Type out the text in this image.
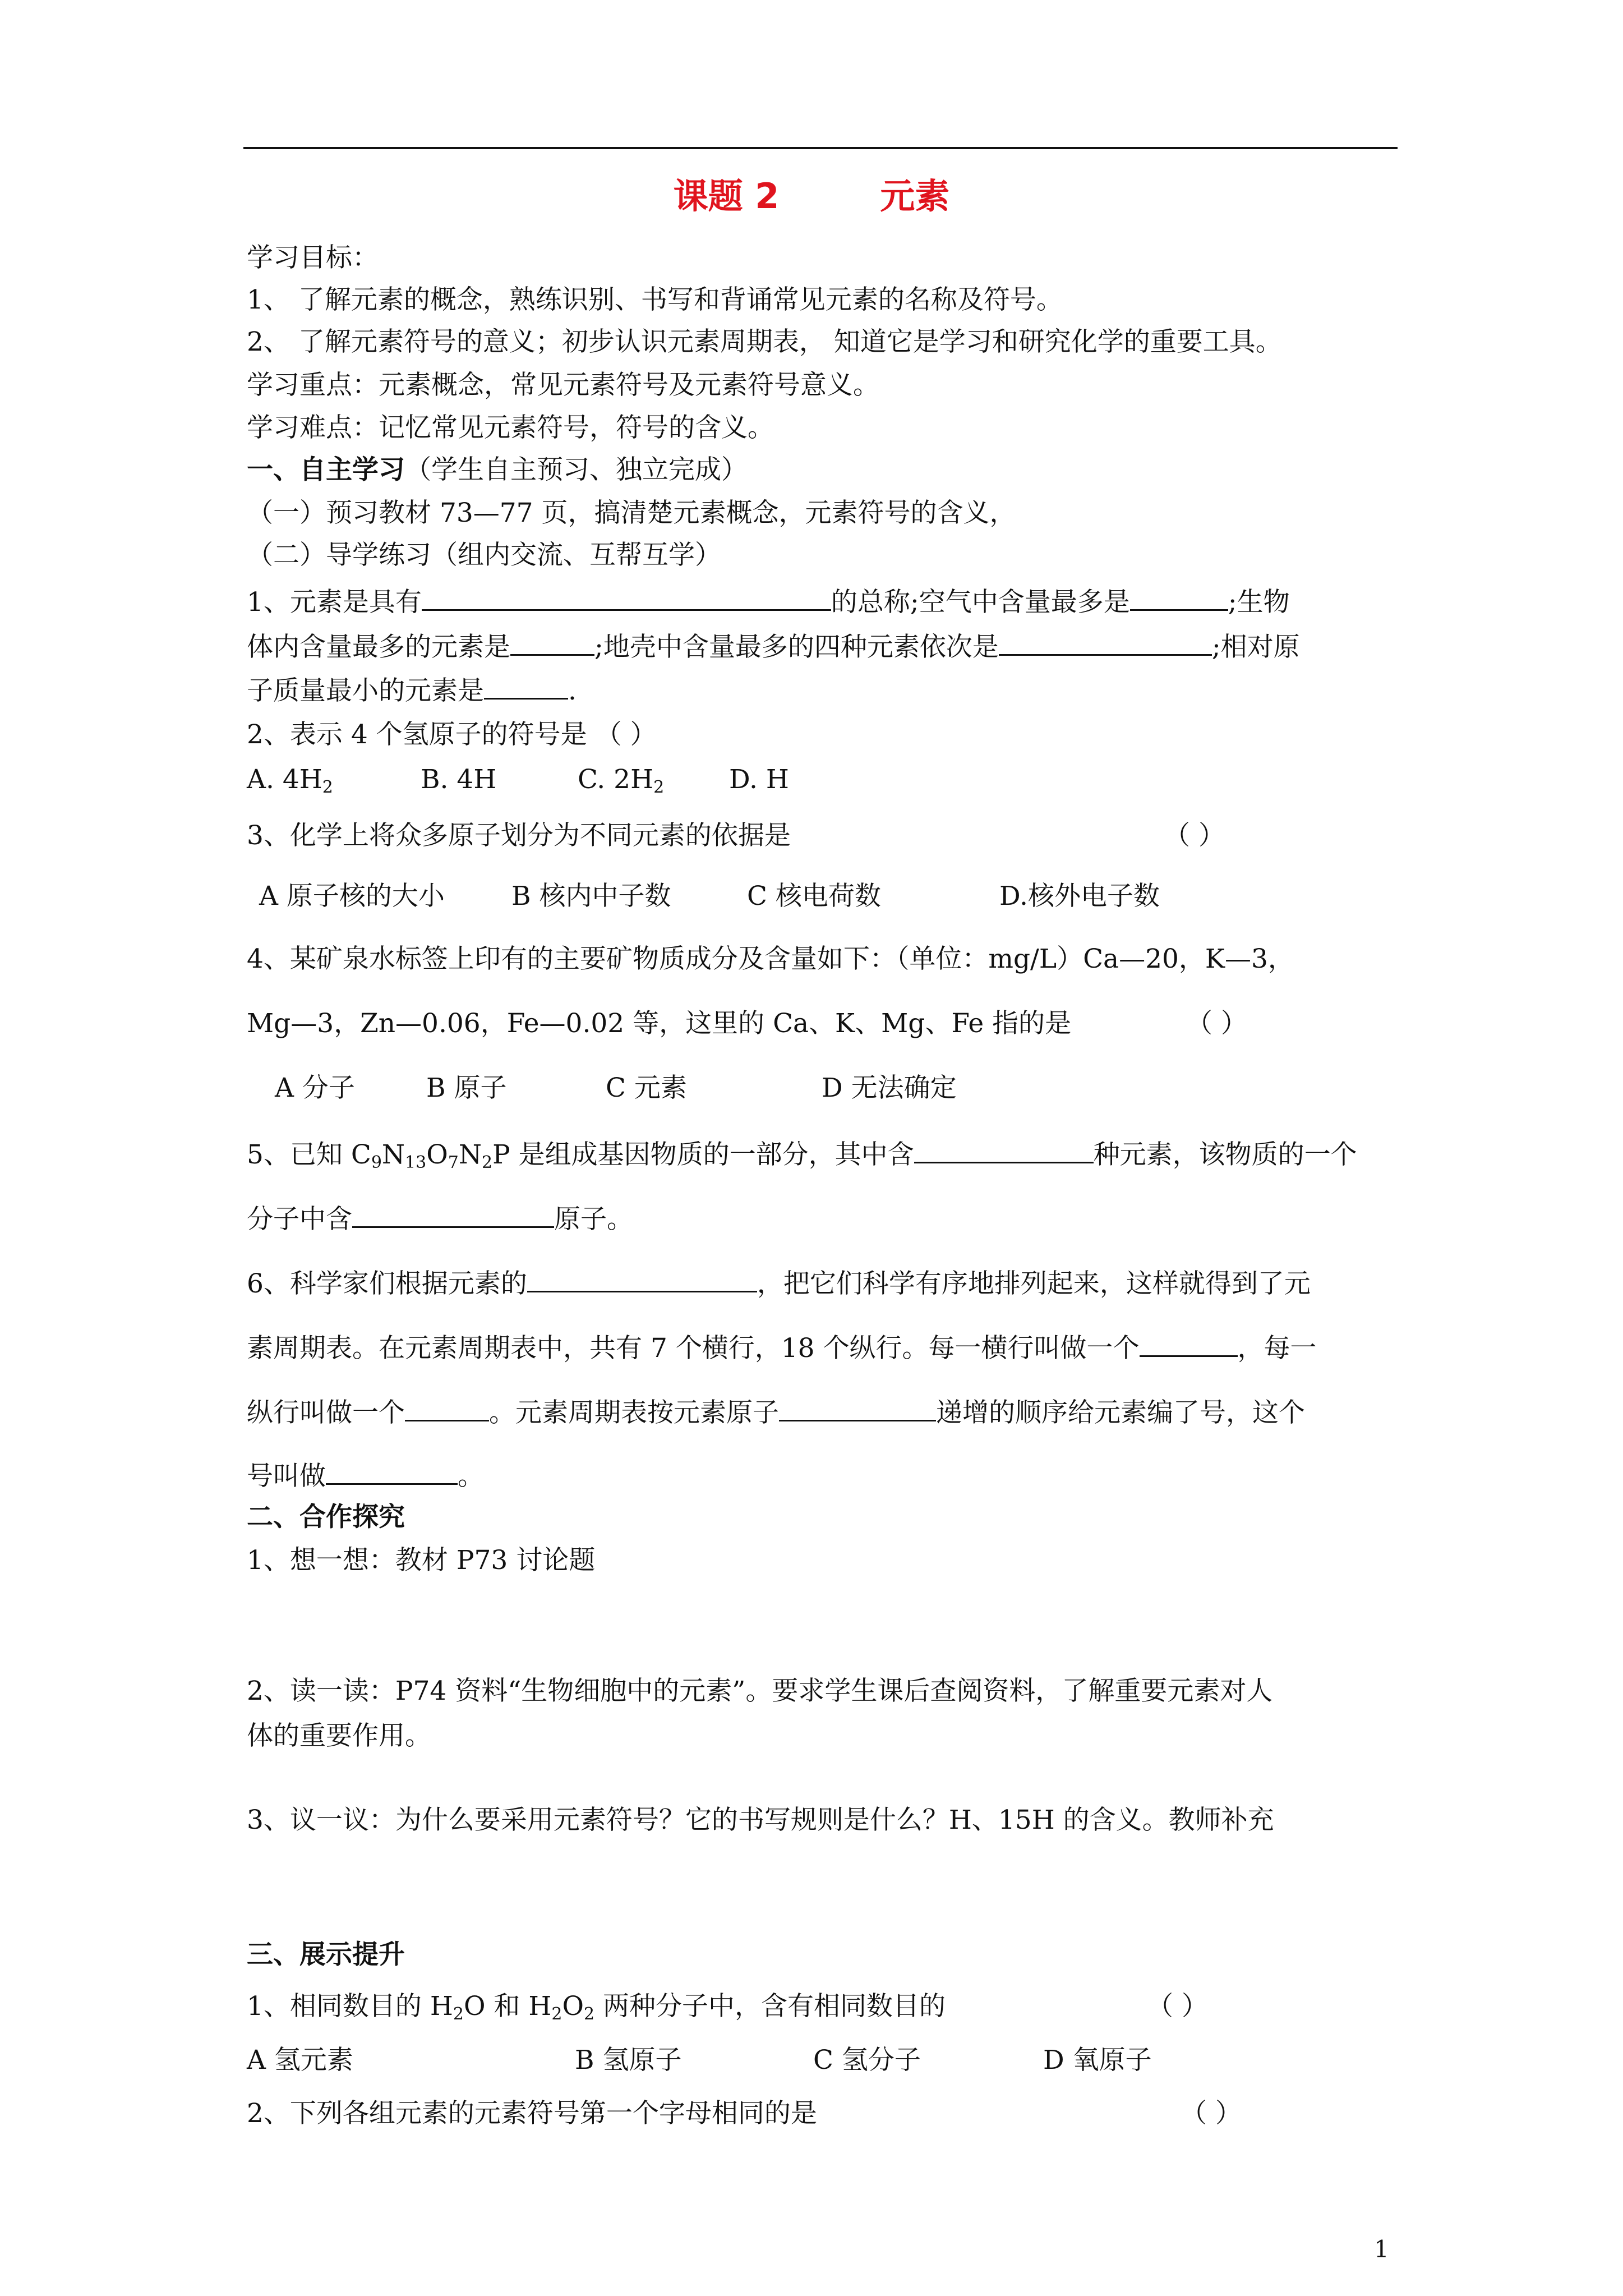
课题 2	元素
学习目标：
1、 了解元素的概念，熟练识别、书写和背诵常见元素的名称及符号。
2、 了解元素符号的意义；初步认识元素周期表， 知道它是学习和研究化学的重要工具。
学习重点：元素概念，常见元素符号及元素符号意义。
学习难点：记忆常见元素符号，符号的含义。
一、自主学习（学生自主预习、独立完成）
（一）预习教材 73—77 页，搞清楚元素概念，元素符号的含义，
（二）导学练习（组内交流、互帮互学）
1、元素是具有	的总称;空气中含量最多是	;生物
体内含量最多的元素是	;地壳中含量最多的四种元素依次是	;相对原
子质量最小的元素是	.
2、表示 4 个氢原子的符号是 （ ）
A. $4H_2$	B. 4H	C. $2H_2$ D. H
3、化学上将众多原子划分为不同元素的依据是	（ ）
A 原子核的大小	B 核内中子数	C 核电荷数	D.核外电子数
4、某矿泉水标签上印有的主要矿物质成分及含量如下：（单位：mg/L）Ca—20，K—3，
Mg—3，Zn—0.06，Fe—0.02 等，这里的 Ca、K、Mg、Fe 指的是	（ ）
A 分子	B 原子	C 元素	D 无法确定
5、已知 $C_9N_{13}O_7N_2P$ 是组成基因物质的一部分，其中含	种元素，该物质的一个
分子中含	原子。
6、科学家们根据元素的	，把它们科学有序地排列起来，这样就得到了元
素周期表。在元素周期表中，共有 7 个横行，18 个纵行。每一横行叫做一个	，每一
纵行叫做一个	。元素周期表按元素原子	递增的顺序给元素编了号，这个
号叫做	。
二、合作探究
1、想一想：教材 P73 讨论题
2、读一读：P74 资料“生物细胞中的元素”。要求学生课后查阅资料，了解重要元素对人
体的重要作用。
3、议一议：为什么要采用元素符号？它的书写规则是什么？H、15H 的含义。教师补充
三、展示提升
1、相同数目的 $H_2O$ 和 $H_2O_2$ 两种分子中，含有相同数目的	（ ）
A 氢元素	B 氢原子	C 氢分子	D 氧原子
2、下列各组元素的元素符号第一个字母相同的是	（ ）
1
